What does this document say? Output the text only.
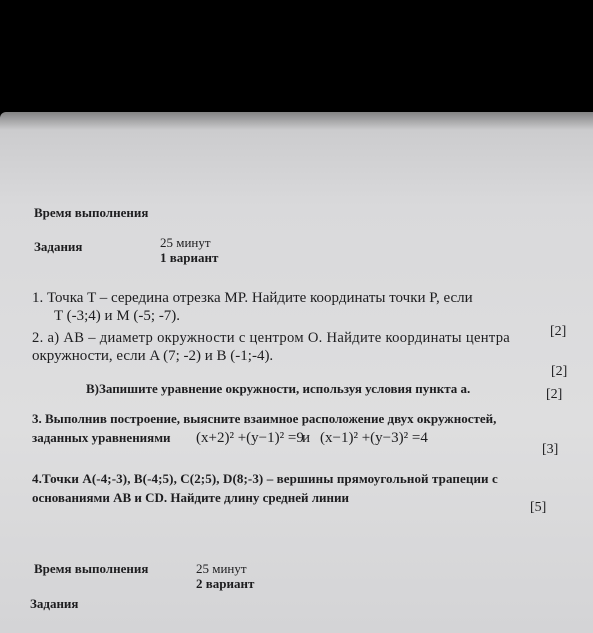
Время выполнения
Задания	25 минут
1 вариант
1. Точка T – середина отрезка MP. Найдите координаты точки P, если
T (-3;4) и M (-5; -7).
[2]
2. а) AB – диаметр окружности с центром O. Найдите координаты центра
окружности, если A (7; -2) и B (-1;-4).
[2]
В)Запишите уравнение окружности, используя условия пункта а.	[2]
3. Выполнив построение, выясните взаимное расположение двух окружностей,
заданных уравнениями (x+2)² +(y−1)² =9
и (x−1)² +(y−3)² =4
[3]
4.Точки A(-4;-3), B(-4;5), C(2;5), D(8;-3) – вершины прямоугольной трапеции с
основаниями AB и CD. Найдите длину средней линии
[5]
Время выполнения	25 минут
2 вариант
Задания
